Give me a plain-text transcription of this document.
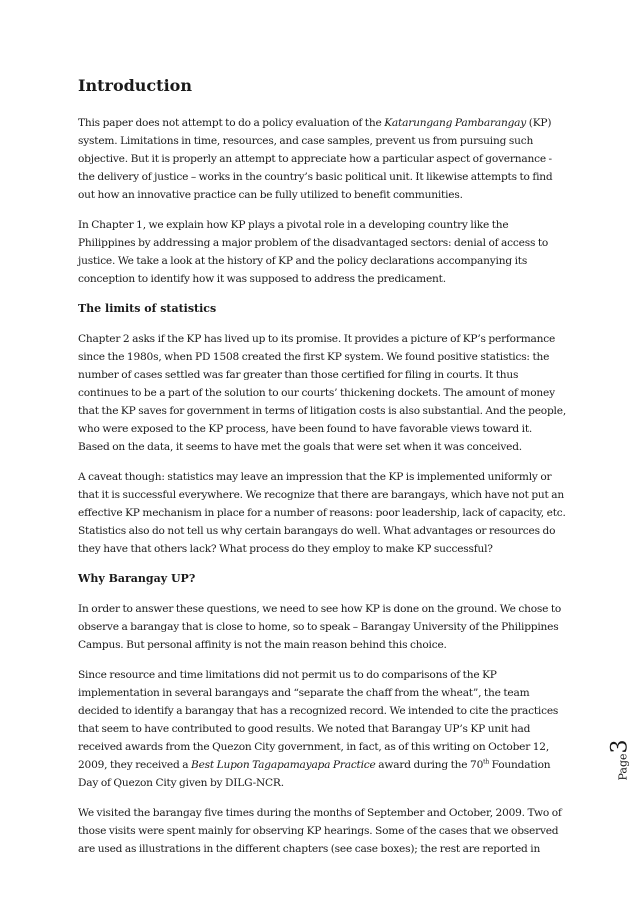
Introduction

This paper does not attempt to do a policy evaluation of the Katarungang Pambarangay (KP) system. Limitations in time, resources, and case samples, prevent us from pursuing such objective. But it is properly an attempt to appreciate how a particular aspect of governance - the delivery of justice – works in the country’s basic political unit. It likewise attempts to find out how an innovative practice can be fully utilized to benefit communities.

In Chapter 1, we explain how KP plays a pivotal role in a developing country like the Philippines by addressing a major problem of the disadvantaged sectors: denial of access to justice. We take a look at the history of KP and the policy declarations accompanying its conception to identify how it was supposed to address the predicament.

The limits of statistics

Chapter 2 asks if the KP has lived up to its promise. It provides a picture of KP’s performance since the 1980s, when PD 1508 created the first KP system. We found positive statistics: the number of cases settled was far greater than those certified for filing in courts. It thus continues to be a part of the solution to our courts’ thickening dockets. The amount of money that the KP saves for government in terms of litigation costs is also substantial. And the people, who were exposed to the KP process, have been found to have favorable views toward it. Based on the data, it seems to have met the goals that were set when it was conceived.

A caveat though: statistics may leave an impression that the KP is implemented uniformly or that it is successful everywhere. We recognize that there are barangays, which have not put an effective KP mechanism in place for a number of reasons: poor leadership, lack of capacity, etc. Statistics also do not tell us why certain barangays do well. What advantages or resources do they have that others lack? What process do they employ to make KP successful?

Why Barangay UP?

In order to answer these questions, we need to see how KP is done on the ground. We chose to observe a barangay that is close to home, so to speak – Barangay University of the Philippines Campus. But personal affinity is not the main reason behind this choice.

Since resource and time limitations did not permit us to do comparisons of the KP implementation in several barangays and “separate the chaff from the wheat”, the team decided to identify a barangay that has a recognized record. We intended to cite the practices that seem to have contributed to good results. We noted that Barangay UP’s KP unit had received awards from the Quezon City government, in fact, as of this writing on October 12, 2009, they received a Best Lupon Tagapamayapa Practice award during the 70th Foundation Day of Quezon City given by DILG-NCR.

We visited the barangay five times during the months of September and October, 2009. Two of those visits were spent mainly for observing KP hearings. Some of the cases that we observed are used as illustrations in the different chapters (see case boxes); the rest are reported in

Page3
